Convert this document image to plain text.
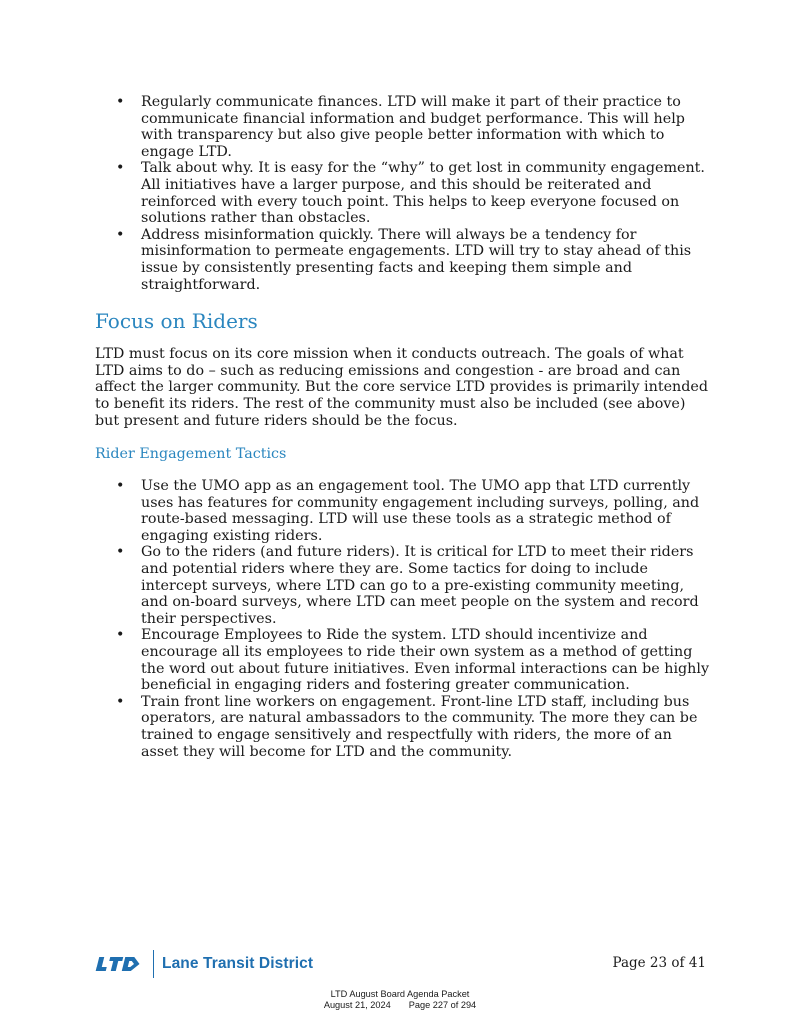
• Regularly communicate finances. LTD will make it part of their practice to communicate financial information and budget performance. This will help with transparency but also give people better information with which to engage LTD.
• Talk about why. It is easy for the “why” to get lost in community engagement. All initiatives have a larger purpose, and this should be reiterated and reinforced with every touch point. This helps to keep everyone focused on solutions rather than obstacles.
• Address misinformation quickly. There will always be a tendency for misinformation to permeate engagements. LTD will try to stay ahead of this issue by consistently presenting facts and keeping them simple and straightforward.
Focus on Riders

LTD must focus on its core mission when it conducts outreach. The goals of what LTD aims to do – such as reducing emissions and congestion - are broad and can affect the larger community. But the core service LTD provides is primarily intended to benefit its riders. The rest of the community must also be included (see above) but present and future riders should be the focus.

Rider Engagement Tactics
• Use the UMO app as an engagement tool. The UMO app that LTD currently uses has features for community engagement including surveys, polling, and route-based messaging. LTD will use these tools as a strategic method of engaging existing riders.
• Go to the riders (and future riders). It is critical for LTD to meet their riders and potential riders where they are. Some tactics for doing to include intercept surveys, where LTD can go to a pre-existing community meeting, and on-board surveys, where LTD can meet people on the system and record their perspectives.
• Encourage Employees to Ride the system. LTD should incentivize and encourage all its employees to ride their own system as a method of getting the word out about future initiatives. Even informal interactions can be highly beneficial in engaging riders and fostering greater communication.
• Train front line workers on engagement. Front-line LTD staff, including bus operators, are natural ambassadors to the community. The more they can be trained to engage sensitively and respectfully with riders, the more of an asset they will become for LTD and the community.
Lane Transit District	Page 23 of 41
LTD August Board Agenda Packet
August 21, 2024 Page 227 of 294
